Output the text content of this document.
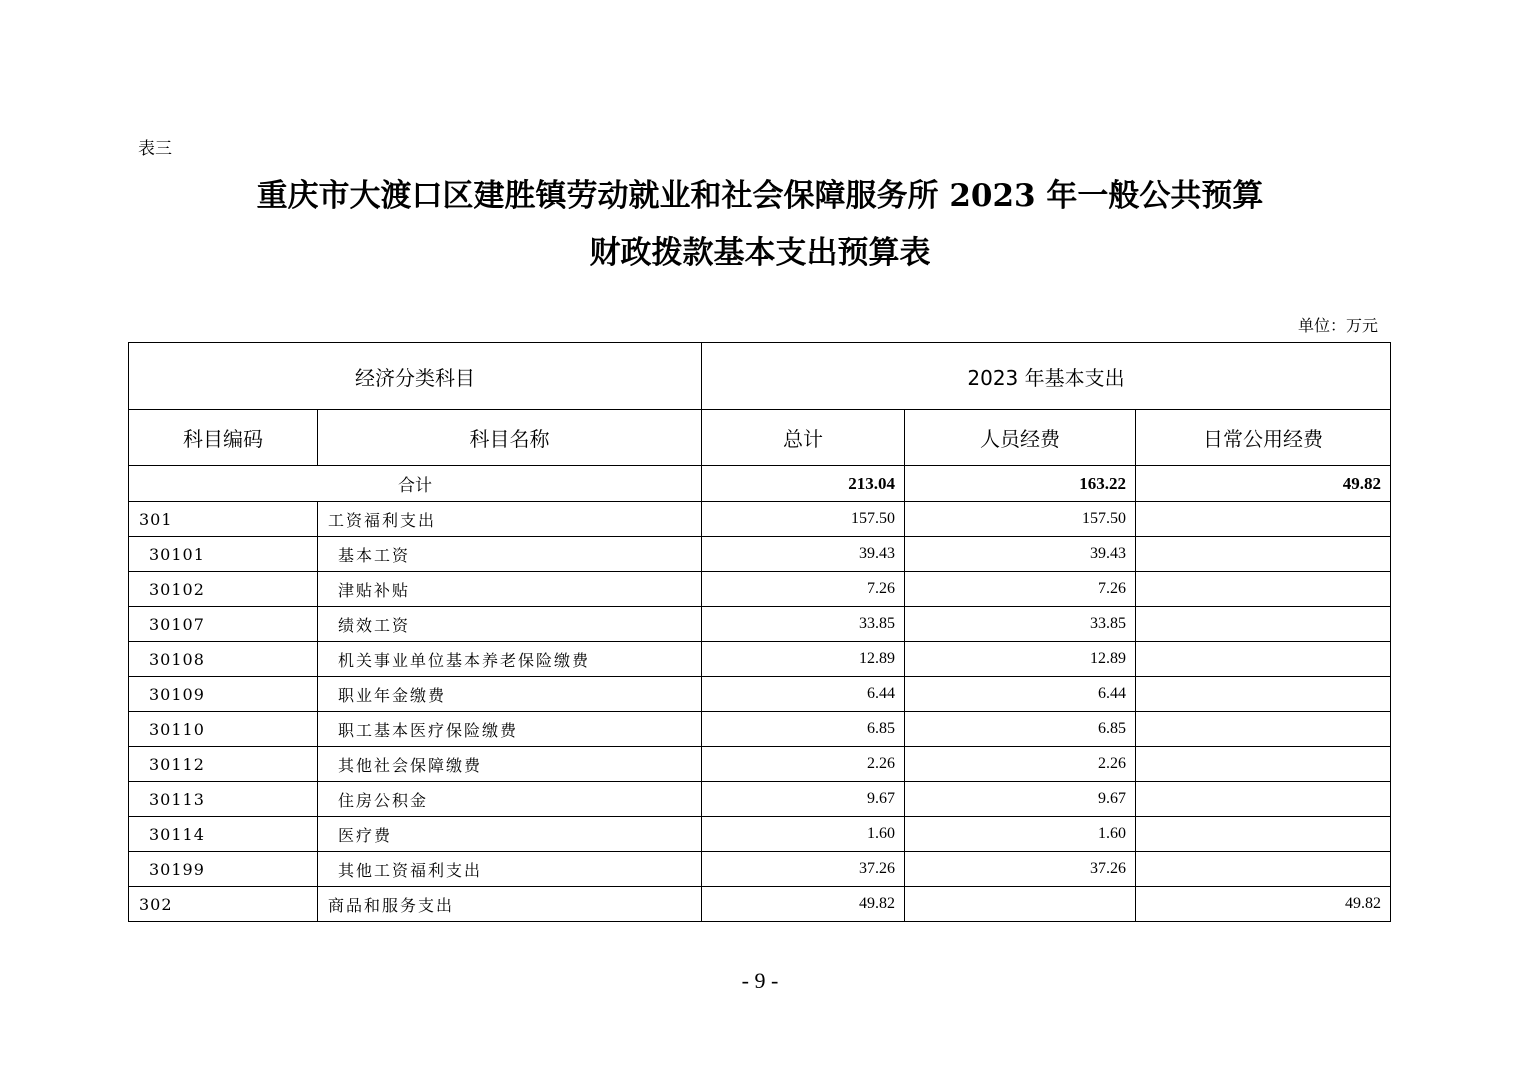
表三
重庆市大渡口区建胜镇劳动就业和社会保障服务所 2023 年一般公共预算
财政拨款基本支出预算表
单位：万元
经济分类科目		2023 年基本支出		
科目编码	科目名称	总计	人员经费	日常公用经费
合计		213.04	163.22	49.82
301	工资福利支出	157.50	157.50	
30101	基本工资	39.43	39.43	
30102	津贴补贴	7.26	7.26	
30107	绩效工资	33.85	33.85	
30108	机关事业单位基本养老保险缴费	12.89	12.89	
30109	职业年金缴费	6.44	6.44	
30110	职工基本医疗保险缴费	6.85	6.85	
30112	其他社会保障缴费	2.26	2.26	
30113	住房公积金	9.67	9.67	
30114	医疗费	1.60	1.60	
30199	其他工资福利支出	37.26	37.26	
302	商品和服务支出	49.82		49.82
- 9 -
